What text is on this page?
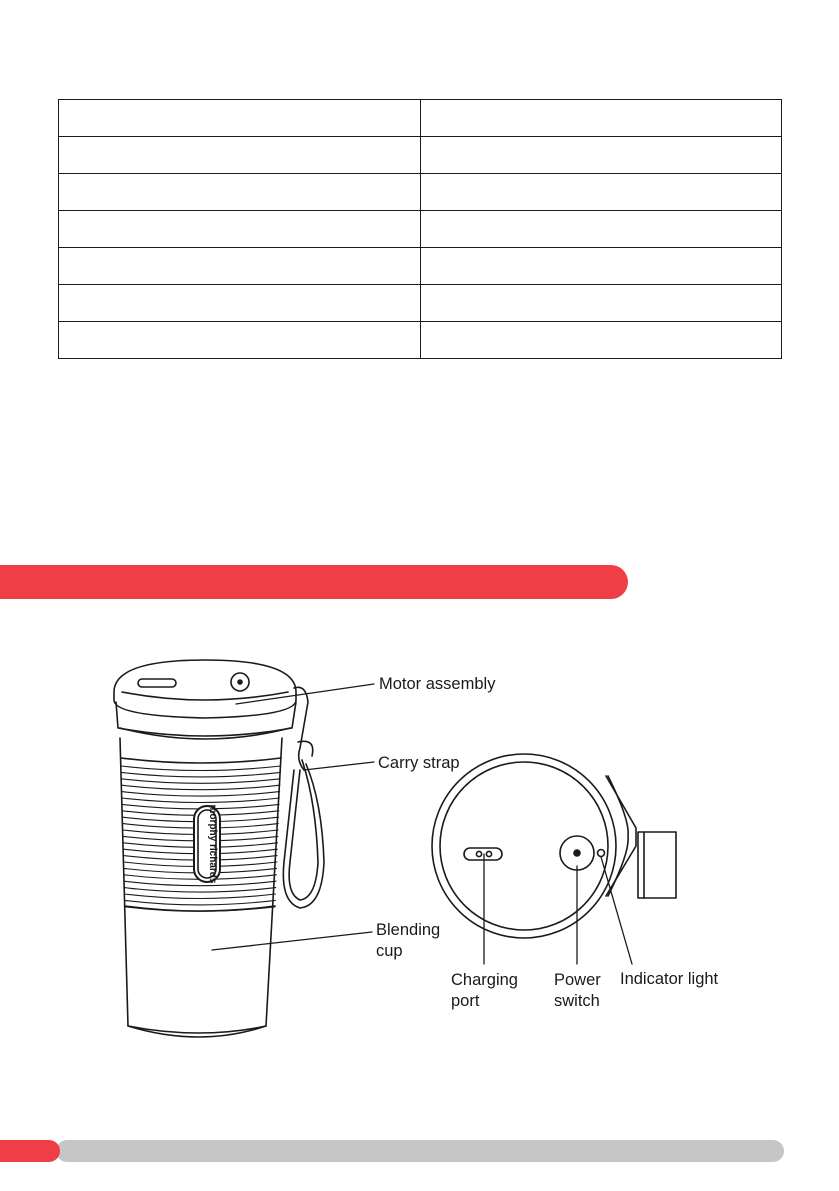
morphy richards
Motor assembly
Carry strap
Blending
cup
Charging
port
Power
switch
Indicator light
